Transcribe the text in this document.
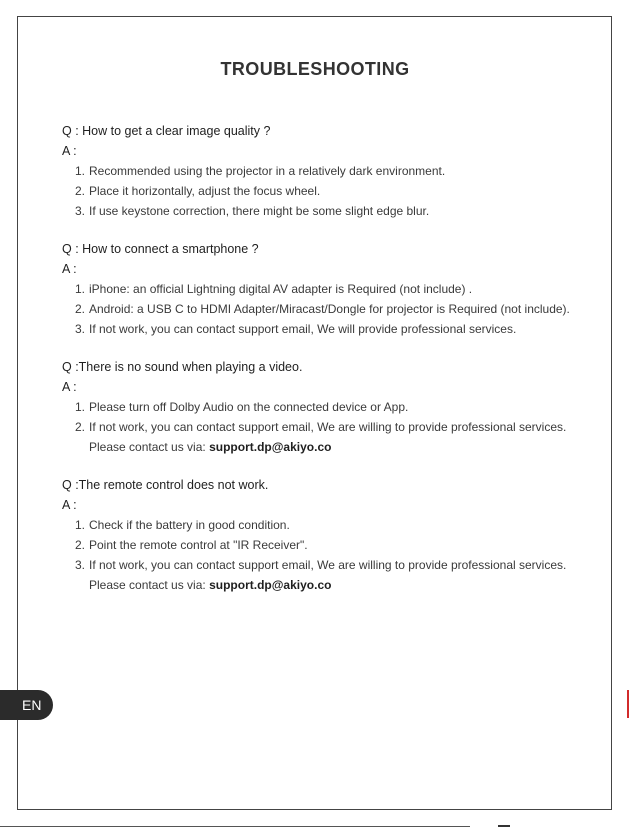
TROUBLESHOOTING
Q : How to get a clear image quality ?
A :
1. Recommended using the projector in a relatively dark environment.
2. Place it horizontally, adjust the focus wheel.
3. If use keystone correction, there might be some slight edge blur.
Q : How to connect a smartphone ?
A :
1. iPhone: an official Lightning digital AV adapter is Required (not include) .
2. Android: a USB C to HDMI Adapter/Miracast/Dongle for projector is Required (not include).
3. If not work, you can contact support email, We will provide professional services.
Q :There is no sound when playing a video.
A :
1. Please turn off Dolby Audio on the connected device or App.
2. If not work, you can contact support email, We are willing to provide professional services. Please contact us via: support.dp@akiyo.co
Q :The remote control does not work.
A :
1. Check if the battery in good condition.
2. Point the remote control at "IR Receiver".
3. If not work, you can contact support email, We are willing to provide professional services. Please contact us via: support.dp@akiyo.co
EN
